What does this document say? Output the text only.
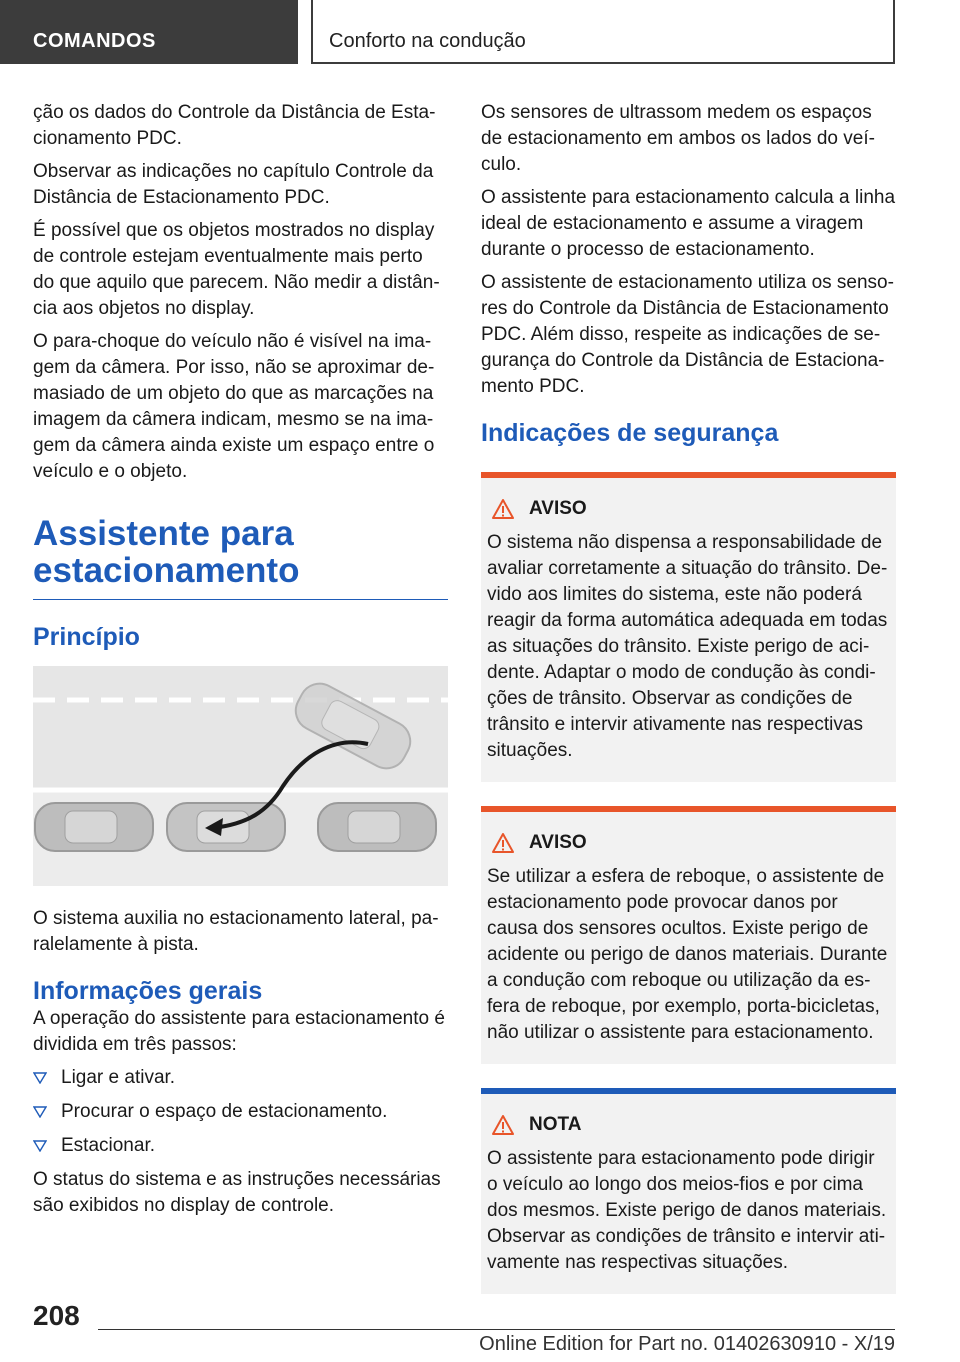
COMANDOS	Conforto na condução

ção os dados do Controle da Distância de Estacionamento PDC.

Observar as indicações no capítulo Controle da Distância de Estacionamento PDC.

É possível que os objetos mostrados no display de controle estejam eventualmente mais perto do que aquilo que parecem. Não medir a distância aos objetos no display.

O para-choque do veículo não é visível na imagem da câmera. Por isso, não se aproximar demasiado de um objeto do que as marcações na imagem da câmera indicam, mesmo se na imagem da câmera ainda existe um espaço entre o veículo e o objeto.

Assistente para estacionamento
Princípio

O sistema auxilia no estacionamento lateral, paralelamente à pista.

Informações gerais

A operação do assistente para estacionamento é dividida em três passos:

Ligar e ativar.
Procurar o espaço de estacionamento.
Estacionar.

O status do sistema e as instruções necessárias são exibidos no display de controle.

Os sensores de ultrassom medem os espaços de estacionamento em ambos os lados do veículo.

O assistente para estacionamento calcula a linha ideal de estacionamento e assume a viragem durante o processo de estacionamento.

O assistente de estacionamento utiliza os sensores do Controle da Distância de Estacionamento PDC. Além disso, respeite as indicações de segurança do Controle da Distância de Estacionamento PDC.

Indicações de segurança
AVISO

O sistema não dispensa a responsabilidade de avaliar corretamente a situação do trânsito. Devido aos limites do sistema, este não poderá reagir da forma automática adequada em todas as situações do trânsito. Existe perigo de acidente. Adaptar o modo de condução às condições de trânsito. Observar as condições de trânsito e intervir ativamente nas respectivas situações.

AVISO

Se utilizar a esfera de reboque, o assistente de estacionamento pode provocar danos por causa dos sensores ocultos. Existe perigo de acidente ou perigo de danos materiais. Durante a condução com reboque ou utilização da esfera de reboque, por exemplo, porta-bicicletas, não utilizar o assistente para estacionamento.

NOTA

O assistente para estacionamento pode dirigir o veículo ao longo dos meios-fios e por cima dos mesmos. Existe perigo de danos materiais. Observar as condições de trânsito e intervir ativamente nas respectivas situações.

208
Online Edition for Part no. 01402630910 - X/19
